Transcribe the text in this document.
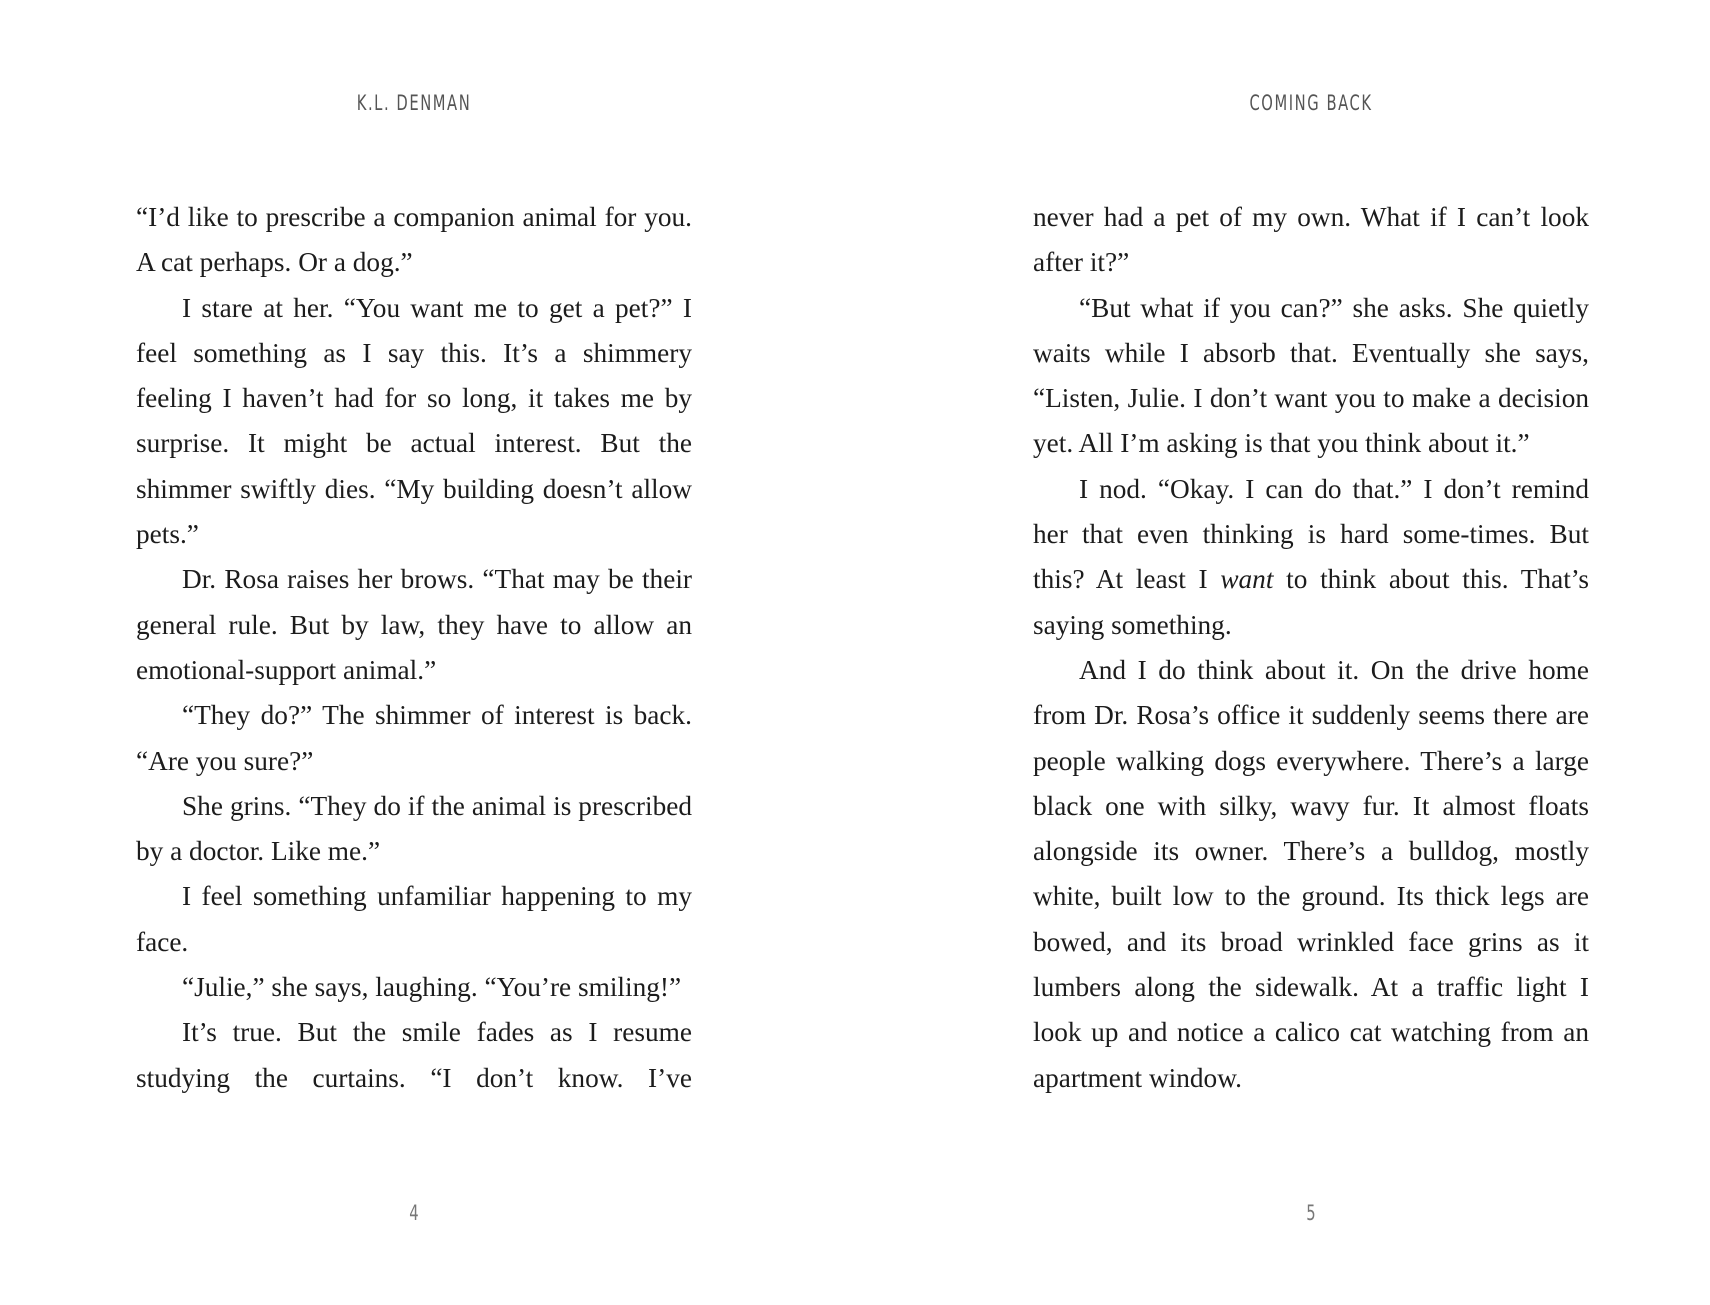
K.L. DENMAN

“I’d like to prescribe a companion animal for you. A cat perhaps. Or a dog.”

I stare at her. “You want me to get a pet?” I feel something as I say this. It’s a shimmery feeling I haven’t had for so long, it takes me by surprise. It might be actual interest. But the shimmer swiftly dies. “My building doesn’t allow pets.”

Dr. Rosa raises her brows. “That may be their general rule. But by law, they have to allow an emotional-support animal.”

“They do?” The shimmer of interest is back. “Are you sure?”

She grins. “They do if the animal is prescribed by a doctor. Like me.”

I feel something unfamiliar happening to my face.

“Julie,” she says, laughing. “You’re smiling!”

It’s true. But the smile fades as I resume studying the curtains. “I don’t know. I’ve

4
COMING BACK

never had a pet of my own. What if I can’t look after it?”

“But what if you can?” she asks. She quietly waits while I absorb that. Eventually she says, “Listen, Julie. I don’t want you to make a decision yet. All I’m asking is that you think about it.”

I nod. “Okay. I can do that.” I don’t remind her that even thinking is hard some-times. But this? At least I want to think about this. That’s saying something.

And I do think about it. On the drive home from Dr. Rosa’s office it suddenly seems there are people walking dogs everywhere. There’s a large black one with silky, wavy fur. It almost floats alongside its owner. There’s a bulldog, mostly white, built low to the ground. Its thick legs are bowed, and its broad wrinkled face grins as it lumbers along the sidewalk. At a traffic light I look up and notice a calico cat watching from an apartment window.

5
